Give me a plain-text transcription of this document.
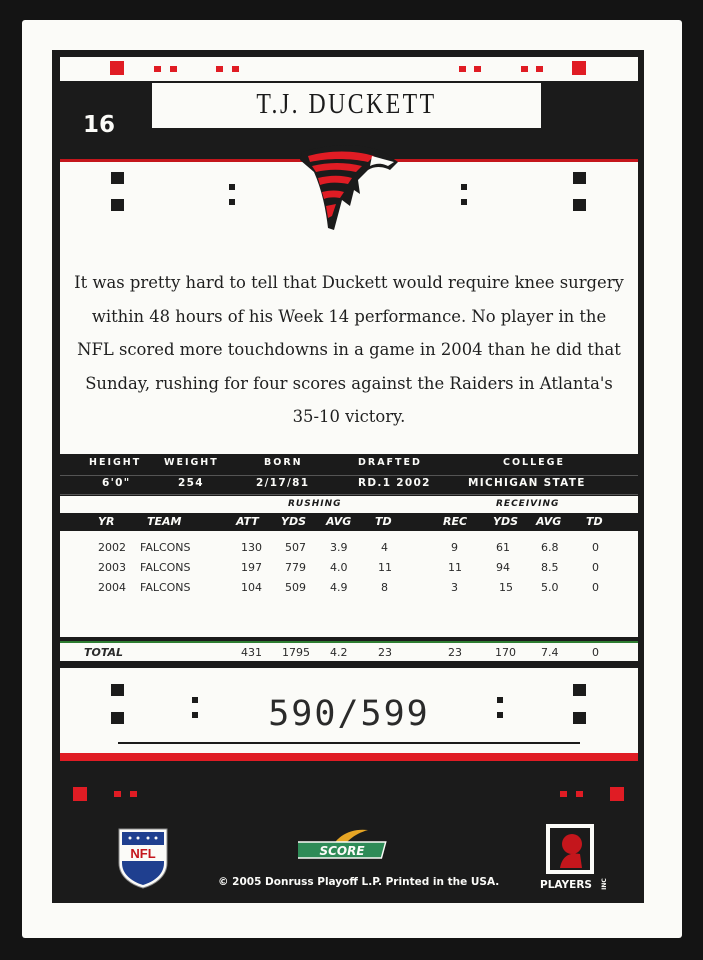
T.J. DUCKETT
16
It was pretty hard to tell that Duckett would require knee surgery within 48 hours of his Week 14 performance. No player in the NFL scored more touchdowns in a game in 2004 than he did that Sunday, rushing for four scores against the Raiders in Atlanta's 35-10 victory.
HEIGHT WEIGHT	BORN	DRAFTED	COLLEGE
6'0"	254	2/17/81	RD.1 2002	MICHIGAN STATE
RUSHING	RECEIVING
YR	TEAM	ATT YDS AVG TD	REC YDS AVG TD
2002 FALCONS	130 507 3.9	4	9	61	6.8	0
2003 FALCONS	197 779 4.0	11	11	94	8.5	0
2004 FALCONS	104 509 4.9	8	3	15	5.0	0
TOTAL	431 1795 4.2	23	23	170 7.4	0
590/599
NFL	SCORE
© 2005 Donruss Playoff L.P. Printed in the USA.	PLAYERS INC
